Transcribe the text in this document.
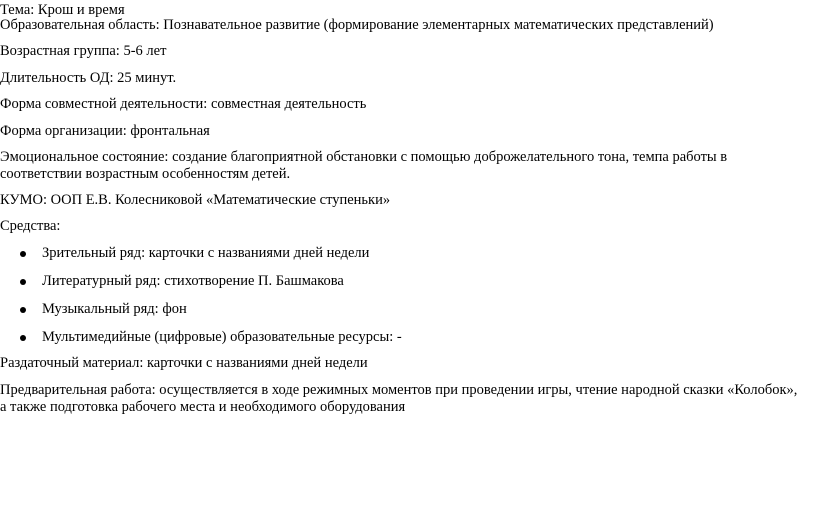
Тема: Крош и время

Образовательная область: Познавательное развитие (формирование элементарных математических представлений)

Возрастная группа: 5-6 лет

Длительность ОД: 25 минут.

Форма совместной деятельности: совместная деятельность

Форма организации: фронтальная

Эмоциональное состояние: создание благоприятной обстановки с помощью доброжелательного тона, темпа работы в соответствии возрастным особенностям детей.

КУМО: ООП Е.В. Колесниковой «Математические ступеньки»

Средства:

Зрительный ряд: карточки с названиями дней недели
Литературный ряд: стихотворение П. Башмакова
Музыкальный ряд: фон
Мультимедийные (цифровые) образовательные ресурсы: -

Раздаточный материал: карточки с названиями дней недели

Предварительная работа: осуществляется в ходе режимных моментов при проведении игры, чтение народной сказки «Колобок», а также подготовка рабочего места и необходимого оборудования
